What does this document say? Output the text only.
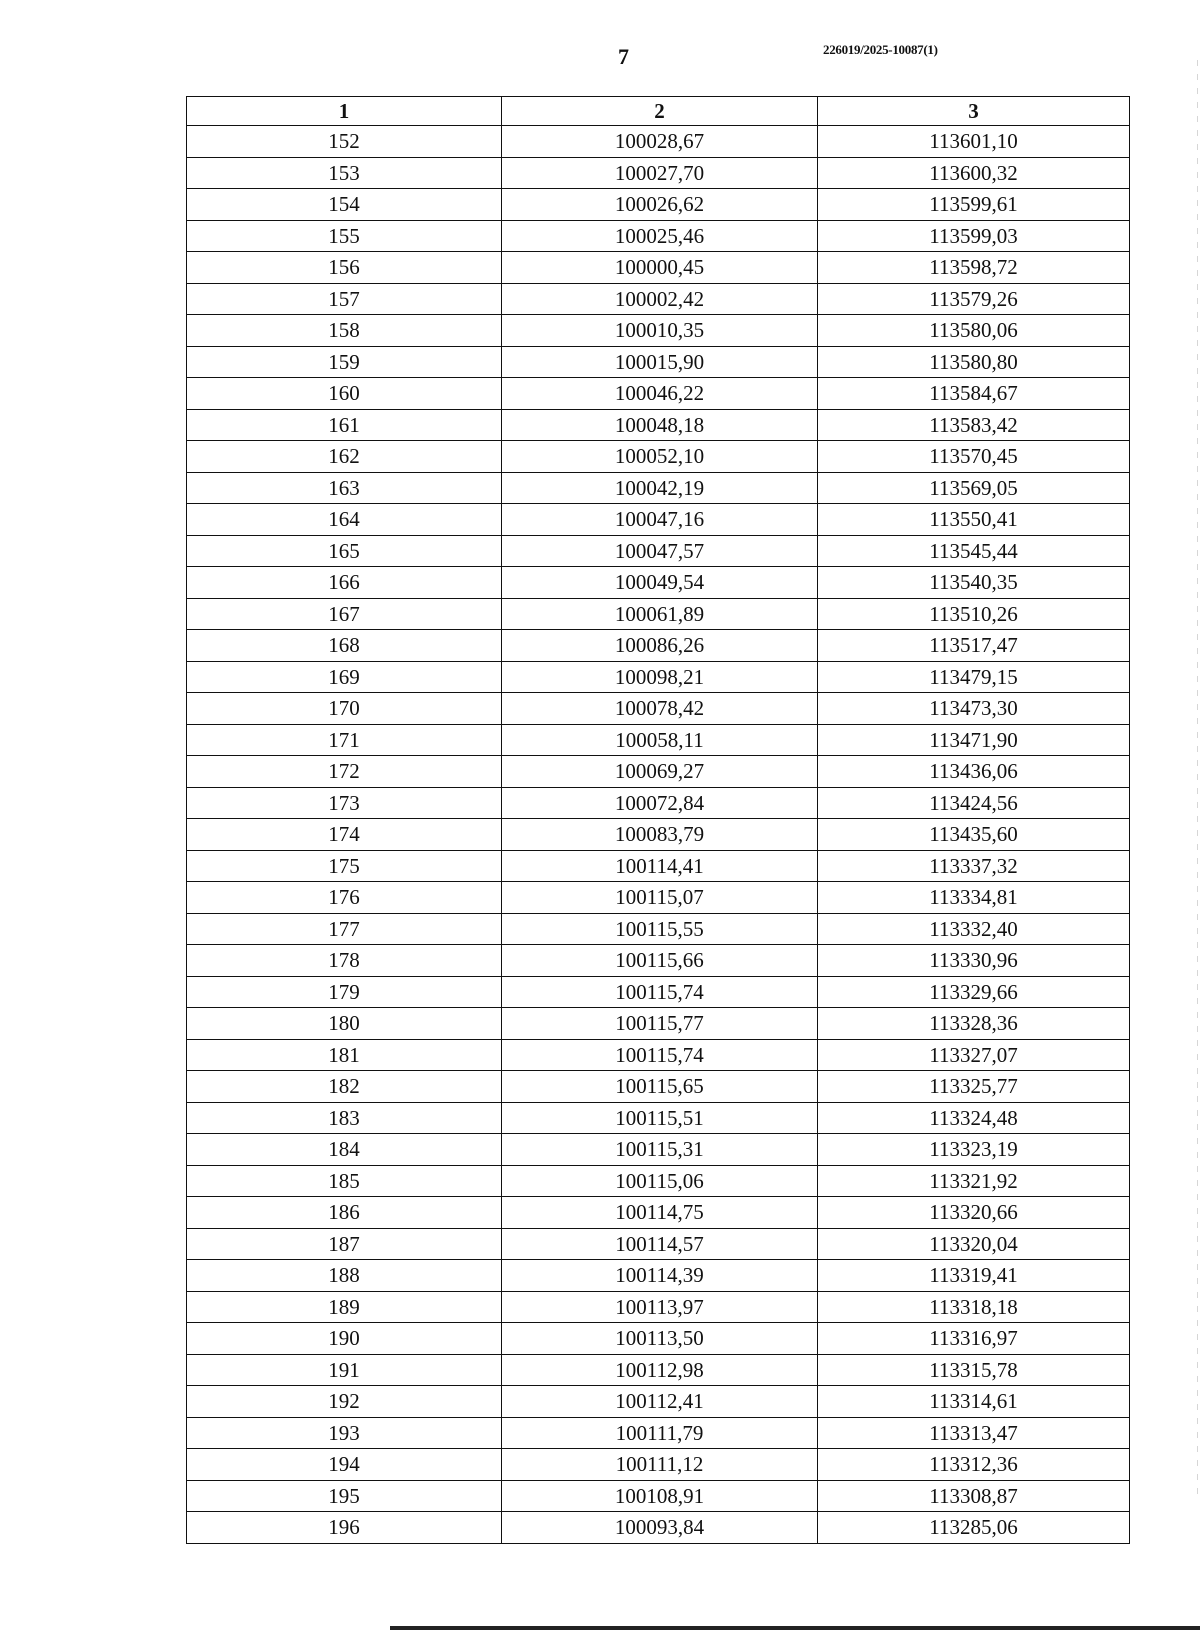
7	226019/2025-10087(1)
1	2	3
152	100028,67	113601,10
153	100027,70	113600,32
154	100026,62	113599,61
155	100025,46	113599,03
156	100000,45	113598,72
157	100002,42	113579,26
158	100010,35	113580,06
159	100015,90	113580,80
160	100046,22	113584,67
161	100048,18	113583,42
162	100052,10	113570,45
163	100042,19	113569,05
164	100047,16	113550,41
165	100047,57	113545,44
166	100049,54	113540,35
167	100061,89	113510,26
168	100086,26	113517,47
169	100098,21	113479,15
170	100078,42	113473,30
171	100058,11	113471,90
172	100069,27	113436,06
173	100072,84	113424,56
174	100083,79	113435,60
175	100114,41	113337,32
176	100115,07	113334,81
177	100115,55	113332,40
178	100115,66	113330,96
179	100115,74	113329,66
180	100115,77	113328,36
181	100115,74	113327,07
182	100115,65	113325,77
183	100115,51	113324,48
184	100115,31	113323,19
185	100115,06	113321,92
186	100114,75	113320,66
187	100114,57	113320,04
188	100114,39	113319,41
189	100113,97	113318,18
190	100113,50	113316,97
191	100112,98	113315,78
192	100112,41	113314,61
193	100111,79	113313,47
194	100111,12	113312,36
195	100108,91	113308,87
196	100093,84	113285,06
